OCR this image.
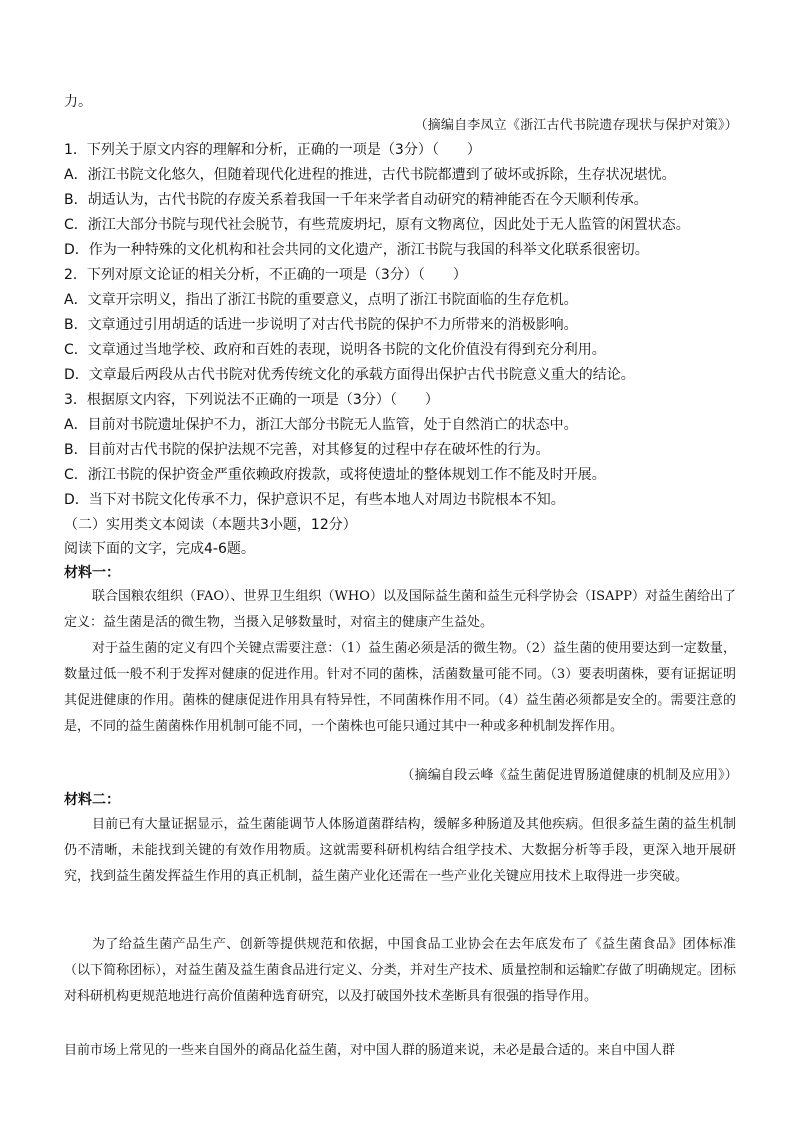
力。
（摘编自李凤立《浙江古代书院遗存现状与保护对策》）
1．下列关于原文内容的理解和分析，正确的一项是（3分）（　　）
A．浙江书院文化悠久，但随着现代化进程的推进，古代书院都遭到了破坏或拆除，生存状况堪忧。
B．胡适认为，古代书院的存废关系着我国一千年来学者自动研究的精神能否在今天顺利传承。
C．浙江大部分书院与现代社会脱节，有些荒废坍圮，原有文物离位，因此处于无人监管的闲置状态。
D．作为一种特殊的文化机构和社会共同的文化遗产，浙江书院与我国的科举文化联系很密切。
2．下列对原文论证的相关分析，不正确的一项是（3分）（　　）
A．文章开宗明义，指出了浙江书院的重要意义，点明了浙江书院面临的生存危机。
B．文章通过引用胡适的话进一步说明了对古代书院的保护不力所带来的消极影响。
C．文章通过当地学校、政府和百姓的表现，说明各书院的文化价值没有得到充分利用。
D．文章最后两段从古代书院对优秀传统文化的承载方面得出保护古代书院意义重大的结论。
3．根据原文内容，下列说法不正确的一项是（3分）（　　）
A．目前对书院遗址保护不力，浙江大部分书院无人监管，处于自然消亡的状态中。
B．目前对古代书院的保护法规不完善，对其修复的过程中存在破坏性的行为。
C．浙江书院的保护资金严重依赖政府拨款，或将使遗址的整体规划工作不能及时开展。
D．当下对书院文化传承不力，保护意识不足，有些本地人对周边书院根本不知。
（二）实用类文本阅读（本题共3小题，12分）
阅读下面的文字，完成4-6题。
材料一：
联合国粮农组织（FAO）、世界卫生组织（WHO）以及国际益生菌和益生元科学协会（ISAPP）对益生菌给出了定义：益生菌是活的微生物，当摄入足够数量时，对宿主的健康产生益处。
对于益生菌的定义有四个关键点需要注意：（1）益生菌必须是活的微生物。（2）益生菌的使用要达到一定数量，数量过低一般不利于发挥对健康的促进作用。针对不同的菌株，活菌数量可能不同。（3）要表明菌株，要有证据证明其促进健康的作用。菌株的健康促进作用具有特异性，不同菌株作用不同。（4）益生菌必须都是安全的。需要注意的是，不同的益生菌菌株作用机制可能不同，一个菌株也可能只通过其中一种或多种机制发挥作用。
（摘编自段云峰《益生菌促进胃肠道健康的机制及应用》）
材料二：
目前已有大量证据显示，益生菌能调节人体肠道菌群结构，缓解多种肠道及其他疾病。但很多益生菌的益生机制仍不清晰，未能找到关键的有效作用物质。这就需要科研机构结合组学技术、大数据分析等手段，更深入地开展研究，找到益生菌发挥益生作用的真正机制，益生菌产业化还需在一些产业化关键应用技术上取得进一步突破。
为了给益生菌产品生产、创新等提供规范和依据，中国食品工业协会在去年底发布了《益生菌食品》团体标准（以下简称团标），对益生菌及益生菌食品进行定义、分类，并对生产技术、质量控制和运输贮存做了明确规定。团标对科研机构更规范地进行高价值菌种选育研究，以及打破国外技术垄断具有很强的指导作用。
目前市场上常见的一些来自国外的商品化益生菌，对中国人群的肠道来说，未必是最合适的。来自中国人群
